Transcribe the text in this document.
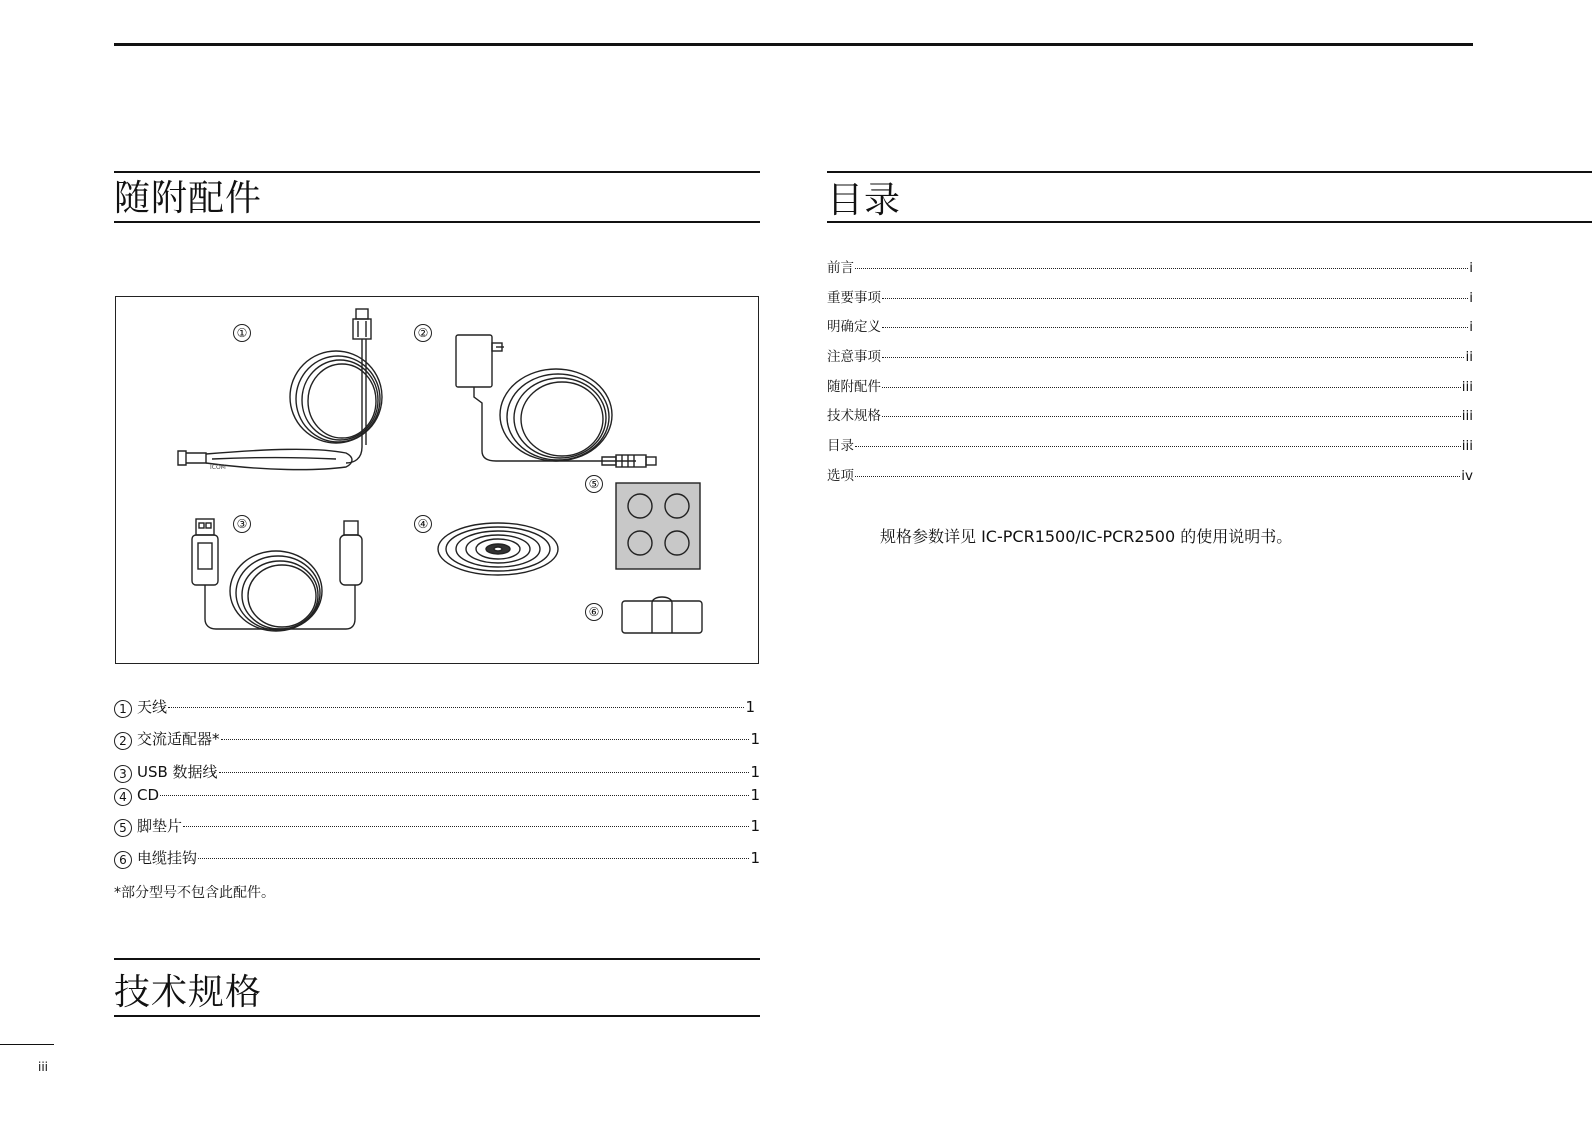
随附配件
ICOM
①	②
③	④
⑤
⑥
1 天线	1
2 交流适配器*	1
3 USB 数据线	1
4 CD	1
5 脚垫片	1
6 电缆挂钩	1
*部分型号不包含此配件。
技术规格
目录
前言	i
重要事项	i
明确定义	i
注意事项	ii
随附配件	iii
技术规格	iii
目录	iii
选项	iv
规格参数详见 IC-PCR1500/IC-PCR2500 的使用说明书。
iii
